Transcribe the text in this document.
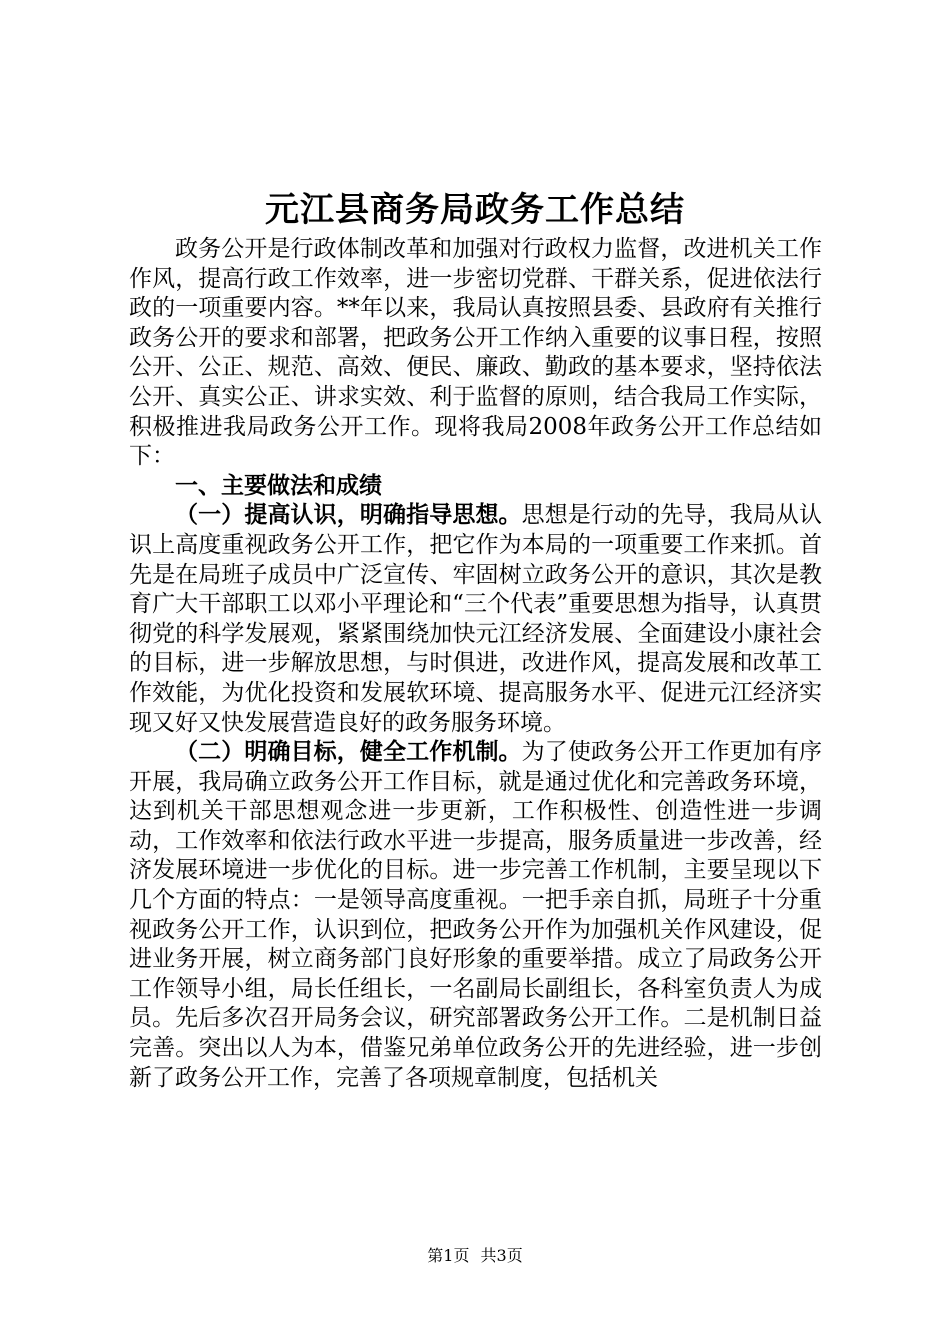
元江县商务局政务工作总结

政务公开是行政体制改革和加强对行政权力监督，改进机关工作作风，提高行政工作效率，进一步密切党群、干群关系，促进依法行政的一项重要内容。**年以来，我局认真按照县委、县政府有关推行政务公开的要求和部署，把政务公开工作纳入重要的议事日程，按照公开、公正、规范、高效、便民、廉政、勤政的基本要求，坚持依法公开、真实公正、讲求实效、利于监督的原则，结合我局工作实际，积极推进我局政务公开工作。现将我局2008年政务公开工作总结如下：

一、主要做法和成绩

（一）提高认识，明确指导思想。思想是行动的先导，我局从认识上高度重视政务公开工作，把它作为本局的一项重要工作来抓。首先是在局班子成员中广泛宣传、牢固树立政务公开的意识，其次是教育广大干部职工以邓小平理论和“三个代表”重要思想为指导，认真贯彻党的科学发展观，紧紧围绕加快元江经济发展、全面建设小康社会的目标，进一步解放思想，与时俱进，改进作风，提高发展和改革工作效能，为优化投资和发展软环境、提高服务水平、促进元江经济实现又好又快发展营造良好的政务服务环境。

（二）明确目标，健全工作机制。为了使政务公开工作更加有序开展，我局确立政务公开工作目标，就是通过优化和完善政务环境，达到机关干部思想观念进一步更新，工作积极性、创造性进一步调动，工作效率和依法行政水平进一步提高，服务质量进一步改善，经济发展环境进一步优化的目标。进一步完善工作机制，主要呈现以下几个方面的特点：一是领导高度重视。一把手亲自抓，局班子十分重视政务公开工作，认识到位，把政务公开作为加强机关作风建设，促进业务开展，树立商务部门良好形象的重要举措。成立了局政务公开工作领导小组，局长任组长，一名副局长副组长，各科室负责人为成员。先后多次召开局务会议，研究部署政务公开工作。二是机制日益完善。突出以人为本，借鉴兄弟单位政务公开的先进经验，进一步创新了政务公开工作，完善了各项规章制度，包括机关

第1页 共3页
